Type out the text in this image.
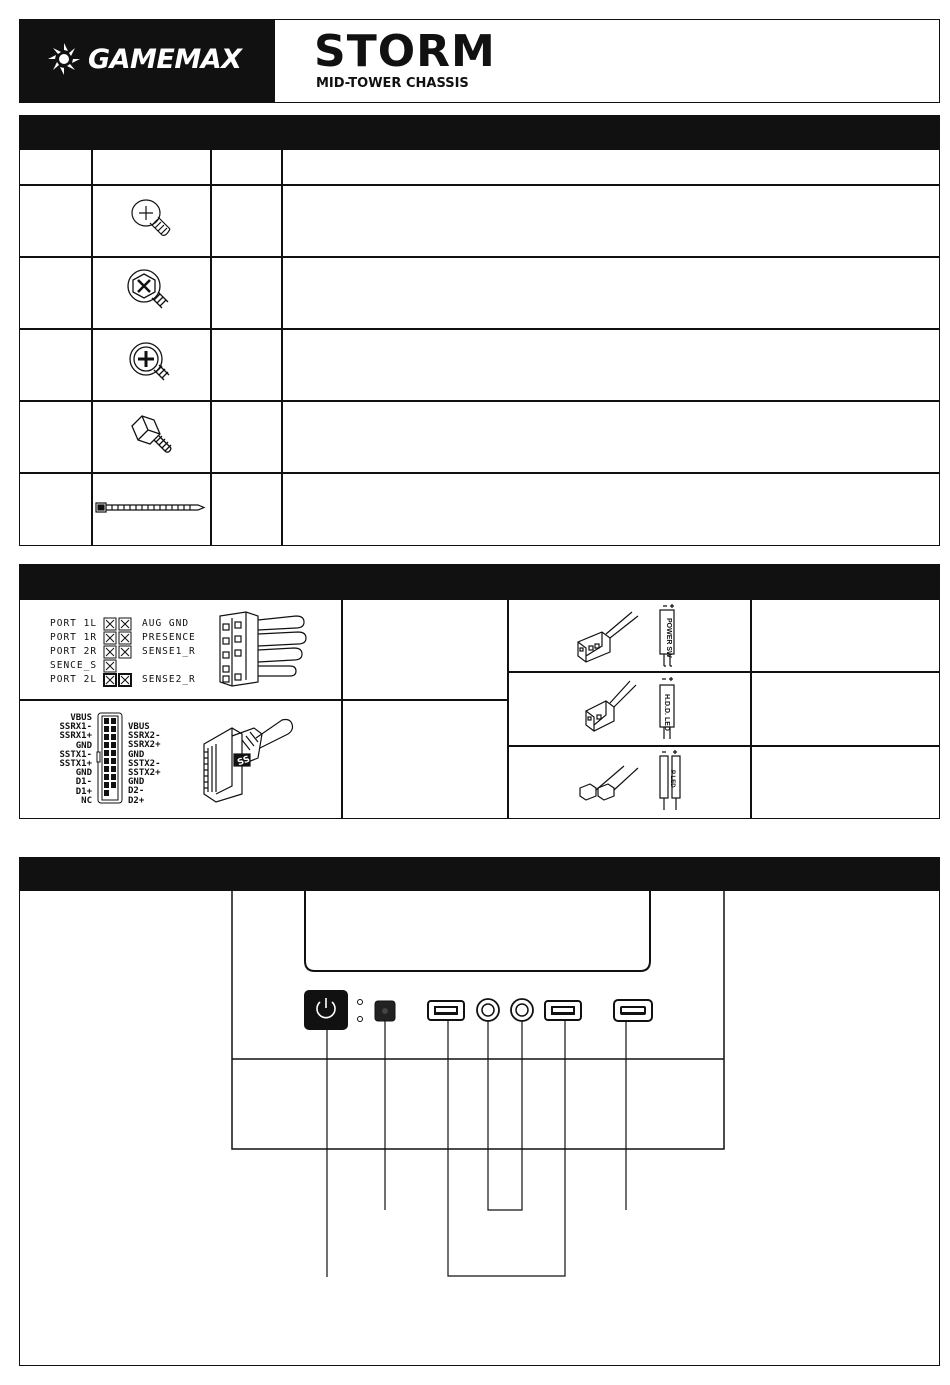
GAMEMAX STORM
MID-TOWER CHASSIS
PORT 1L
PORT 1R
PORT 2R
SENCE_S
PORT 2L
AUG GND
PRESENCE
SENSE1_R
SENSE2_R
VBUS
SSRX1-
SSRX1+
GND
SSTX1-
SSTX1+
GND
D1-
D1+
NC
VBUS
SSRX2-
SSRX2+
GND
SSTX2-
SSTX2+
GND
D2-
D2+
SS
POWER SW
H.D.D. LED
P LED
